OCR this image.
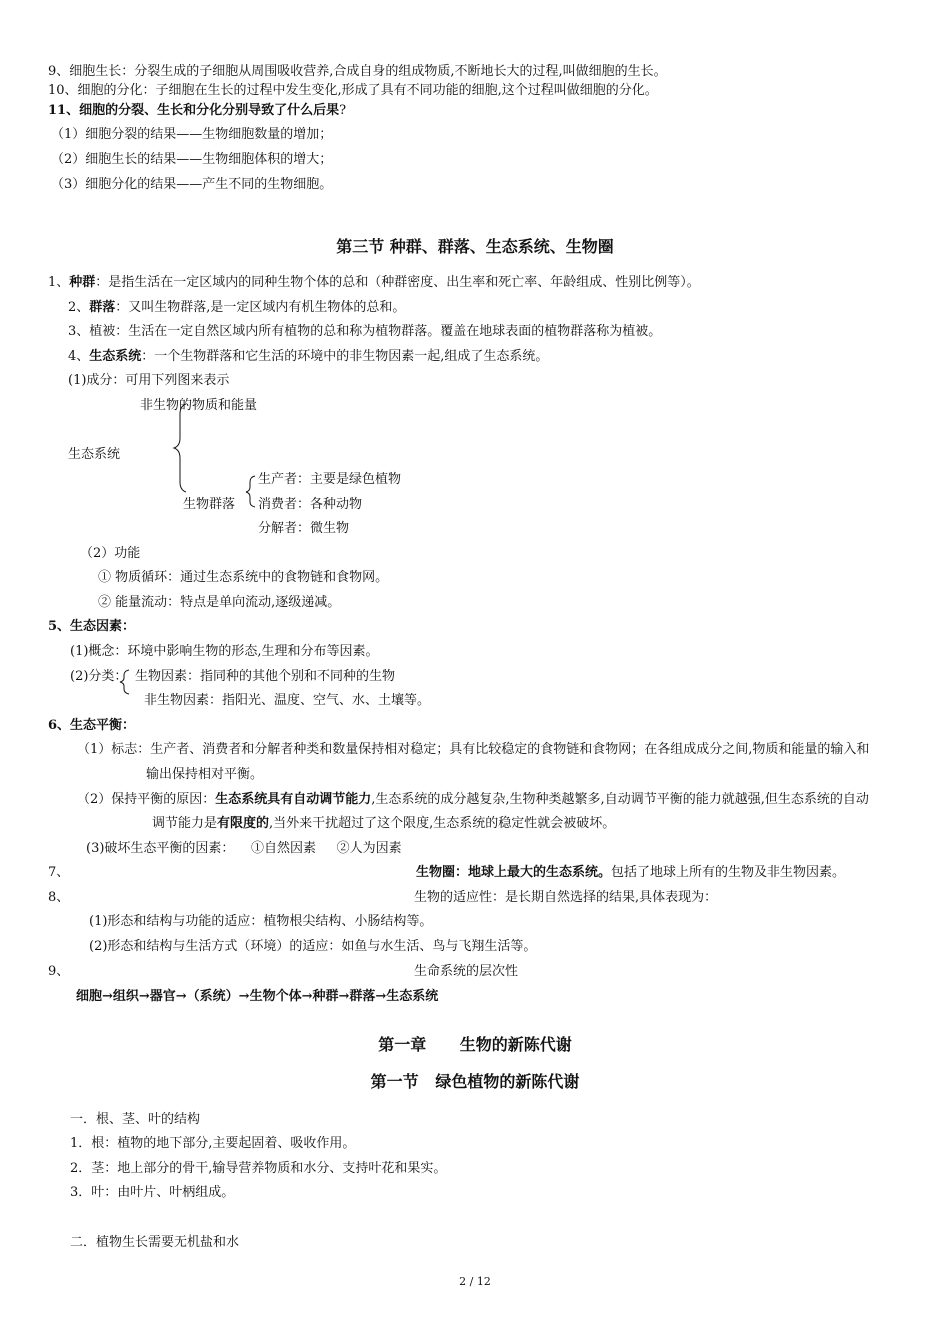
9、细胞生长：分裂生成的子细胞从周围吸收营养,合成自身的组成物质,不断地长大的过程,叫做细胞的生长。
10、细胞的分化：子细胞在生长的过程中发生变化,形成了具有不同功能的细胞,这个过程叫做细胞的分化。
11、细胞的分裂、生长和分化分别导致了什么后果?
（1）细胞分裂的结果——生物细胞数量的增加；
（2）细胞生长的结果——生物细胞体积的增大；
（3）细胞分化的结果——产生不同的生物细胞。
第三节 种群、群落、生态系统、生物圈
1、种群：是指生活在一定区域内的同种生物个体的总和（种群密度、出生率和死亡率、年龄组成、性别比例等）。
2、群落：又叫生物群落,是一定区域内有机生物体的总和。
3、植被：生活在一定自然区域内所有植物的总和称为植物群落。覆盖在地球表面的植物群落称为植被。
4、生态系统：一个生物群落和它生活的环境中的非生物因素一起,组成了生态系统。
(1)成分：可用下列图来表示
非生物的物质和能量
生态系统
生产者：主要是绿色植物
生物群落 消费者：各种动物
分解者：微生物
（2）功能
① 物质循环：通过生态系统中的食物链和食物网。
② 能量流动：特点是单向流动,逐级递减。
5、生态因素：
(1)概念：环境中影响生物的形态,生理和分布等因素。
(2)分类： 生物因素：指同种的其他个别和不同种的生物
非生物因素：指阳光、温度、空气、水、土壤等。
6、生态平衡：
（1）标志：生产者、消费者和分解者种类和数量保持相对稳定；具有比较稳定的食物链和食物网；在各组成成分之间,物质和能量的输入和
输出保持相对平衡。
（2）保持平衡的原因：生态系统具有自动调节能力,生态系统的成分越复杂,生物种类越繁多,自动调节平衡的能力就越强,但生态系统的自动
调节能力是有限度的,当外来干扰超过了这个限度,生态系统的稳定性就会被破坏。
(3)破坏生态平衡的因素：    ①自然因素     ②人为因素
7、	生物圈：地球上最大的生态系统。包括了地球上所有的生物及非生物因素。
8、	生物的适应性：是长期自然选择的结果,具体表现为：
(1)形态和结构与功能的适应：植物根尖结构、小肠结构等。
(2)形态和结构与生活方式（环境）的适应：如鱼与水生活、鸟与飞翔生活等。
9、	生命系统的层次性
细胞→组织→器官→（系统）→生物个体→种群→群落→生态系统
第一章      生物的新陈代谢
第一节   绿色植物的新陈代谢
一．根、茎、叶的结构
1．根：植物的地下部分,主要起固着、吸收作用。
2．茎：地上部分的骨干,输导营养物质和水分、支持叶花和果实。
3．叶：由叶片、叶柄组成。
二．植物生长需要无机盐和水
2 / 12
